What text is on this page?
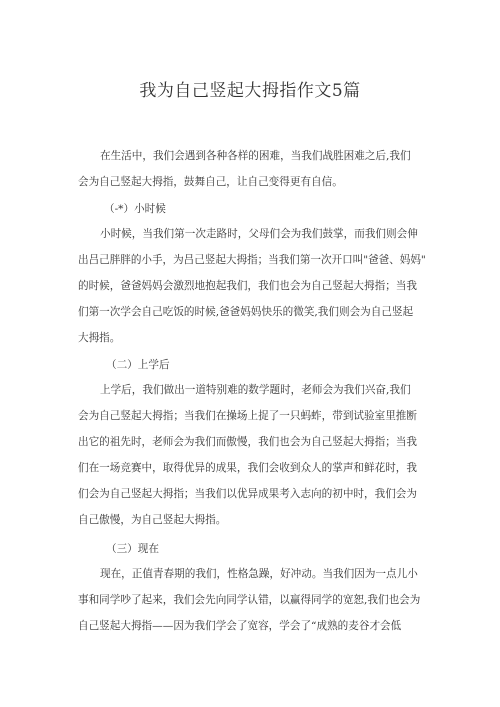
我为自己竖起大拇指作文5篇
在生活中，我们会遇到各种各样的困难，当我们战胜困难之后,我们
会为自己竖起大拇指，鼓舞自己，让自己变得更有自信。
（-*）小时候
小时候，当我们第一次走路时，父母们会为我们鼓掌，而我们则会伸
出吕己胖胖的小手，为吕己竖起大拇指；当我们第一次开口叫"爸爸、妈妈"
的时候，爸爸妈妈会激烈地抱起我们，我们也会为自己竖起大拇指；当我
们第一次学会自己吃饭的时候,爸爸妈妈快乐的微笑,我们则会为自己竖起
大拇指。
（二）上学后
上学后，我们做出一道特别难的数学题时，老师会为我们兴奋,我们
会为自己竖起大拇指；当我们在操场上捉了一只蚂蚱，带到试验室里推断
出它的祖先时，老师会为我们而傲慢，我们也会为自己竖起大拇指；当我
们在一场竞赛中，取得优异的成果，我们会收到众人的掌声和鲜花时，我
们会为自己竖起大拇指；当我们以优异成果考入志向的初中时，我们会为
自己傲慢，为自己竖起大拇指。
（三）现在
现在，正值青春期的我们，性格急躁，好冲动。当我们因为一点儿小
事和同学吵了起来，我们会先向同学认错，以赢得同学的宽恕,我们也会为
自己竖起大拇指——因为我们学会了宽容，学会了“成熟的麦谷才会低
